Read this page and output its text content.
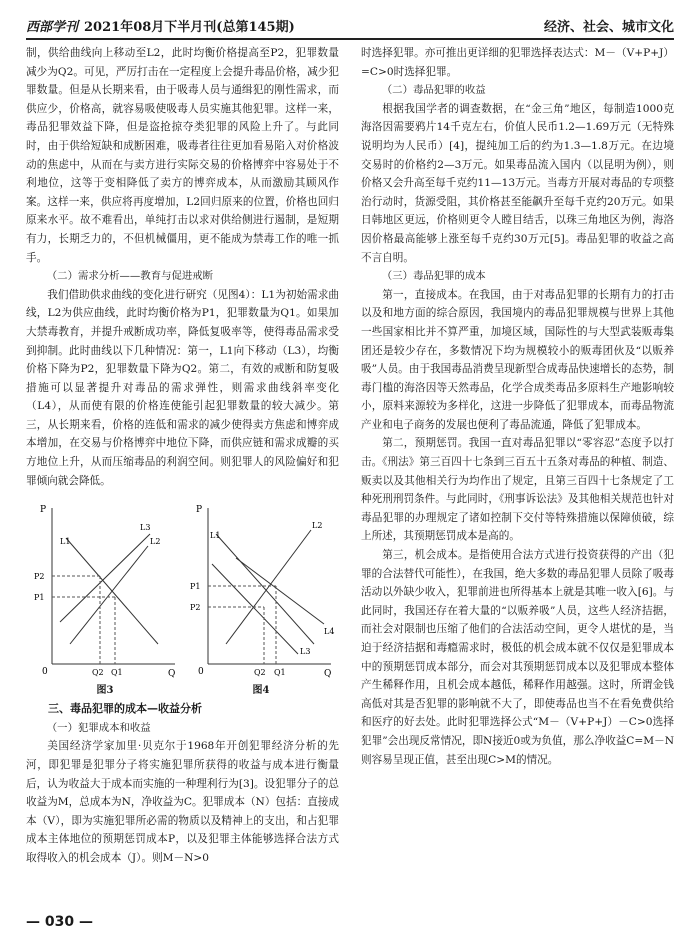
西部学刊 2021年08月下半月刊(总第145期)	经济、社会、城市文化

制，供给曲线向上移动至L2，此时均衡价格提高至P2，犯罪数量减少为Q2。可见，严厉打击在一定程度上会提升毒品价格，减少犯罪数量。但是从长期来看，由于吸毒人员与通缉犯的刚性需求，而供应少，价格高，就容易吸使吸毒人员实施其他犯罪。这样一来，毒品犯罪效益下降，但是盗抢掠夺类犯罪的风险上升了。与此同时，由于供给短缺和成断困难，吸毒者往往更加看易陷入对价格波动的焦虑中，从而在与卖方进行实际交易的价格博弈中容易处于不利地位，这等于变相降低了卖方的博弈成本，从而激励其顾风作案。这样一来，供应将再度增加，L2回归原来的位置，价格也回归原来水平。故不难看出，单纯打击以求对供给侧进行遏制，是短期有力，长期乏力的，不但机械僵用，更不能成为禁毒工作的唯一抓手。

（二）需求分析——教育与促进戒断

我们借助供求曲线的变化进行研究（见图4）：L1为初始需求曲线，L2为供应曲线，此时均衡价格为P1，犯罪数量为Q1。如果加大禁毒教育，并提升戒断成功率，降低复吸率等，使得毒品需求受到抑制。此时曲线以下几种情况：第一，L1向下移动（L3），均衡价格下降为P2，犯罪数量下降为Q2。第二，有效的戒断和防复吸措施可以显著提升对毒品的需求弹性，则需求曲线斜率变化（L4），从而使有限的价格连使能引起犯罪数量的较大减少。第三，从长期来看，价格的连低和需求的减少使得卖方焦虑和博弈成本增加，在交易与价格博弈中地位下降，而供应链和需求成瓣的买方地位上升，从而压缩毒品的利润空间。则犯罪人的风险偏好和犯罪倾向就会降低。

P
Q
0
P2
P1
Q2 Q1
L1	L2
L3
图3
P
Q
0
P1
P2
Q2 Q1
L1
L2
L3
L4
图4

三、毒品犯罪的成本—收益分析

（一）犯罪成本和收益

美国经济学家加里·贝克尔于1968年开创犯罪经济分析的先河，即犯罪是犯罪分子将实施犯罪所获得的收益与成本进行衡量后，认为收益大于成本而实施的一种理利行为[3]。设犯罪分子的总收益为M，总成本为N，净收益为C。犯罪成本（N）包括：直接成本（V），即为实施犯罪所必需的物质以及精神上的支出，和占犯罪成本主体地位的预期惩罚成本P，以及犯罪主体能够选择合法方式取得收入的机会成本（J）。则M－N>0

时选择犯罪。亦可推出更详细的犯罪选择表达式：M－（V+P+J）=C>0时选择犯罪。

（二）毒品犯罪的收益

根据我国学者的调查数据，在“金三角”地区，每制造1000克海洛因需要鸦片14千克左右，价值人民币1.2—1.69万元（无特殊说明均为人民币）[4]，提纯加工后的约为1.3—1.8万元。在边境交易时的价格约2—3万元。如果毒品流入国内（以昆明为例），则价格又会升高至每千克约11—13万元。当毒方开展对毒品的专项整治行动时，货源受阻，其价格甚至能飙升至每千克约20万元。如果日韩地区更远，价格则更令人瞠目结舌，以珠三角地区为例，海洛因价格最高能够上涨至每千克约30万元[5]。毒品犯罪的收益之高不言自明。

（三）毒品犯罪的成本

第一，直接成本。在我国，由于对毒品犯罪的长期有力的打击以及和地方面的综合原因，我国境内的毒品犯罪规模与世界上其他一些国家相比并不算严重，加境区域，国际性的与大型武装贩毒集团还是较少存在，多数情况下均为规模较小的贩毒团伙及“以贩养吸”人员。由于我国毒品消费呈现新型合成毒品快速增长的态势，制毒门槛的海洛因等天然毒品，化学合成类毒品多原料生产地影响较小，原料来源较为多样化，这进一步降低了犯罪成本，而毒品物流产业和电子商务的发展也便利了毒品流通，降低了犯罪成本。

第二，预期惩罚。我国一直对毒品犯罪以“零容忍”态度予以打击。《刑法》第三百四十七条到三百五十五条对毒品的种植、制造、贩卖以及其他相关行为均作出了规定，且第三百四十七条规定了工种死刑刑罚条件。与此同时，《刑事诉讼法》及其他相关规范也针对毒品犯罪的办理规定了诸如控制下交付等特殊措施以保障侦破，综上所述，其预期惩罚成本是高的。

第三，机会成本。是指使用合法方式进行投资获得的产出（犯罪的合法替代可能性），在我国，绝大多数的毒品犯罪人员除了吸毒活动以外缺少收入，犯罪前进也所得基本上就是其唯一收入[6]。与此同时，我国还存在着大量的“以贩养吸”人员，这些人经济拮据，而社会对限制也压缩了他们的合法活动空间，更令人堪忧的是，当迫于经济拮据和毒瘾需求时，极低的机会成本就不仅仅是犯罪成本中的预期惩罚成本部分，而会对其预期惩罚成本以及犯罪成本整体产生稀释作用，且机会成本越低，稀释作用越强。这时，所谓金钱高低对其是否犯罪的影响就不大了，即使毒品也当不在看免费供给和医疗的好去处。此时犯罪选择公式“M－（V+P+J）－C>0选择犯罪”会出现反常情况，即N接近0或为负值，那么净收益C=M－N则容易呈现正值，甚至出现C>M的情况。

— 030 —
